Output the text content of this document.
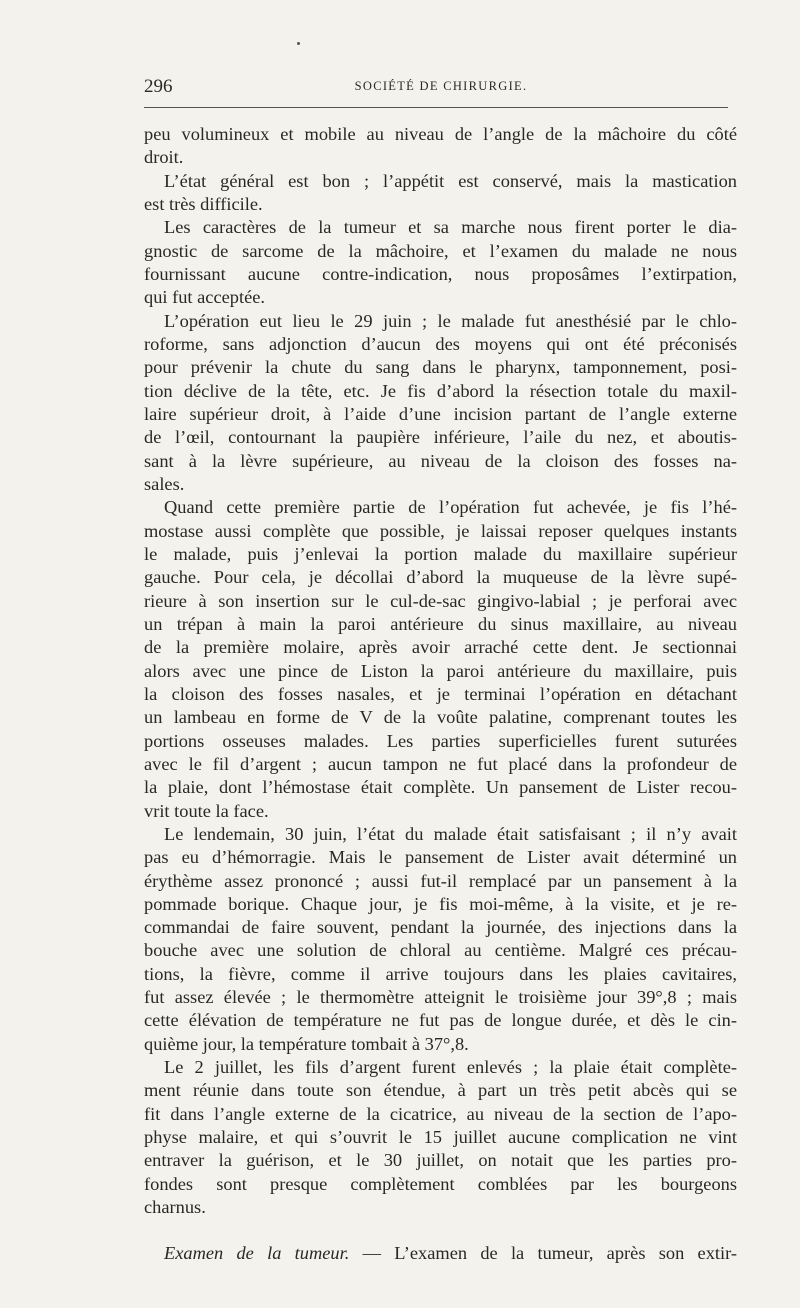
296	SOCIÉTÉ DE CHIRURGIE.
peu volumineux et mobile au niveau de l’angle de la mâchoire du côté
droit.
L’état général est bon ; l’appétit est conservé, mais la mastication
est très difficile.
Les caractères de la tumeur et sa marche nous firent porter le dia-
gnostic de sarcome de la mâchoire, et l’examen du malade ne nous
fournissant aucune contre-indication, nous proposâmes l’extirpation,
qui fut acceptée.
L’opération eut lieu le 29 juin ; le malade fut anesthésié par le chlo-
roforme, sans adjonction d’aucun des moyens qui ont été préconisés
pour prévenir la chute du sang dans le pharynx, tamponnement, posi-
tion déclive de la tête, etc. Je fis d’abord la résection totale du maxil-
laire supérieur droit, à l’aide d’une incision partant de l’angle externe
de l’œil, contournant la paupière inférieure, l’aile du nez, et aboutis-
sant à la lèvre supérieure, au niveau de la cloison des fosses na-
sales.
Quand cette première partie de l’opération fut achevée, je fis l’hé-
mostase aussi complète que possible, je laissai reposer quelques instants
le malade, puis j’enlevai la portion malade du maxillaire supérieur
gauche. Pour cela, je décollai d’abord la muqueuse de la lèvre supé-
rieure à son insertion sur le cul-de-sac gingivo-labial ; je perforai avec
un trépan à main la paroi antérieure du sinus maxillaire, au niveau
de la première molaire, après avoir arraché cette dent. Je sectionnai
alors avec une pince de Liston la paroi antérieure du maxillaire, puis
la cloison des fosses nasales, et je terminai l’opération en détachant
un lambeau en forme de V de la voûte palatine, comprenant toutes les
portions osseuses malades. Les parties superficielles furent suturées
avec le fil d’argent ; aucun tampon ne fut placé dans la profondeur de
la plaie, dont l’hémostase était complète. Un pansement de Lister recou-
vrit toute la face.
Le lendemain, 30 juin, l’état du malade était satisfaisant ; il n’y avait
pas eu d’hémorragie. Mais le pansement de Lister avait déterminé un
érythème assez prononcé ; aussi fut-il remplacé par un pansement à la
pommade borique. Chaque jour, je fis moi-même, à la visite, et je re-
commandai de faire souvent, pendant la journée, des injections dans la
bouche avec une solution de chloral au centième. Malgré ces précau-
tions, la fièvre, comme il arrive toujours dans les plaies cavitaires,
fut assez élevée ; le thermomètre atteignit le troisième jour 39°,8 ; mais
cette élévation de température ne fut pas de longue durée, et dès le cin-
quième jour, la température tombait à 37°,8.
Le 2 juillet, les fils d’argent furent enlevés ; la plaie était complète-
ment réunie dans toute son étendue, à part un très petit abcès qui se
fit dans l’angle externe de la cicatrice, au niveau de la section de l’apo-
physe malaire, et qui s’ouvrit le 15 juillet aucune complication ne vint
entraver la guérison, et le 30 juillet, on notait que les parties pro-
fondes sont presque complètement comblées par les bourgeons
charnus.
Examen de la tumeur. — L’examen de la tumeur, après son extir-
